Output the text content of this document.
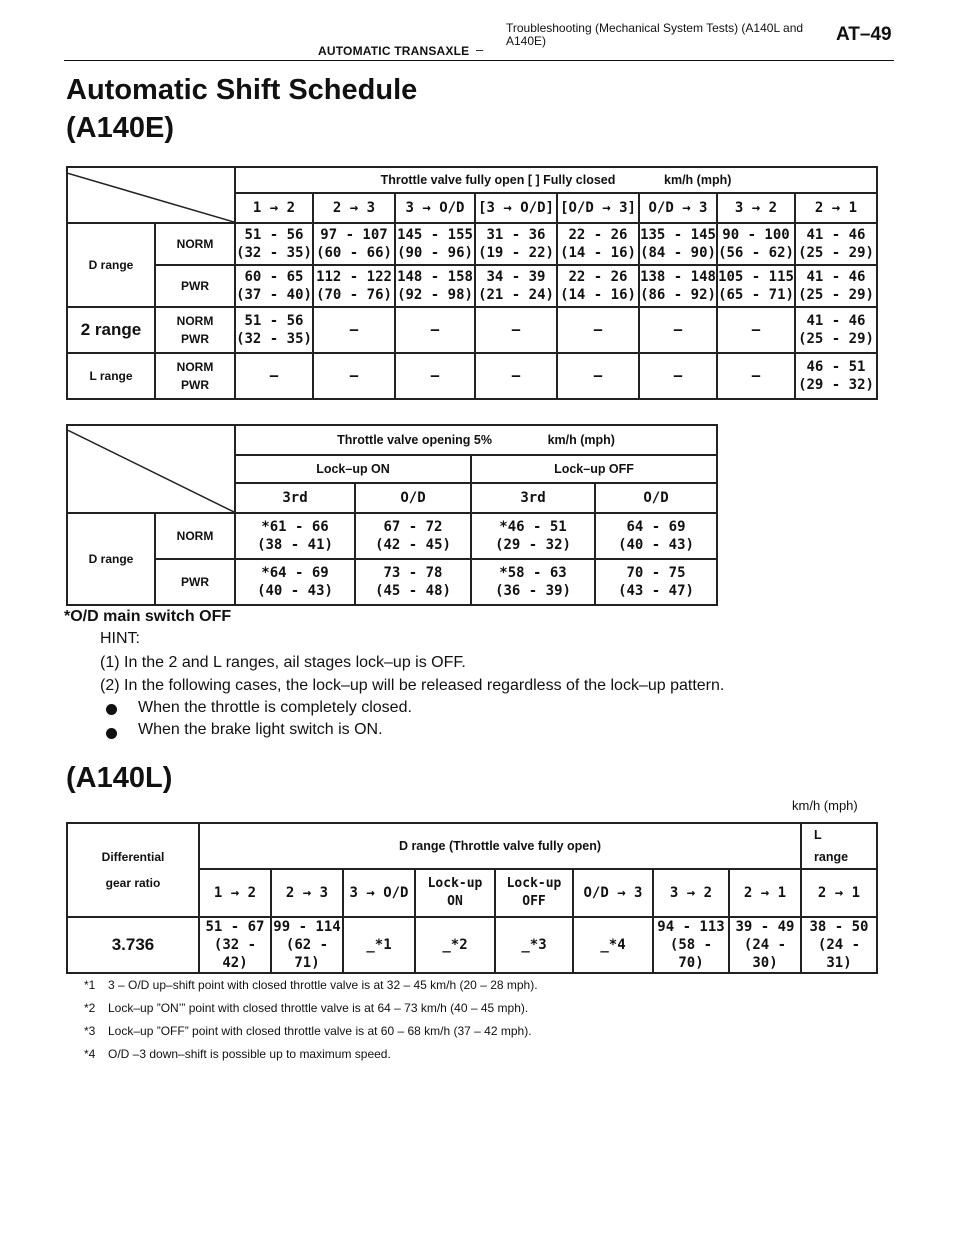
AUTOMATIC TRANSAXLE –
Troubleshooting (Mechanical System Tests) (A140L and A140E)	AT–49
Automatic Shift Schedule
(A140E)
	Throttle valve fully open [ ] Fully closed km/h (mph)							
		1 → 2	2 → 3	3 → O/D	[3 → O/D]	[O/D → 3]	O/D → 3	3 → 2	2 → 1
D range	NORM	51 - 56
(32 - 35)	97 - 107
(60 - 66)	145 - 155
(90 - 96)	31 - 36
(19 - 22)	22 - 26
(14 - 16)	135 - 145
(84 - 90)	90 - 100
(56 - 62)	41 - 46
(25 - 29)

	PWR	60 - 65
(37 - 40)	112 - 122
(70 - 76)	148 - 158
(92 - 98)	34 - 39
(21 - 24)	22 - 26
(14 - 16)	138 - 148
(86 - 92)	105 - 115
(65 - 71)	41 - 46
(25 - 29)

2 range	NORM
PWR	51 - 56
(32 - 35)	–	–	–	–	–	–	41 - 46
(25 - 29)

L range	NORM
PWR	–	–	–	–	–	–	–	46 - 51
(29 - 32)
	Throttle valve opening 5% km/h (mph)			
		Lock–up ON		Lock–up OFF	
		3rd	O/D	3rd	O/D
D range	NORM	*61 - 66
(38 - 41)	67 - 72
(42 - 45)	*46 - 51
(29 - 32)	64 - 69
(40 - 43)

	PWR	*64 - 69
(40 - 43)	73 - 78
(45 - 48)	*58 - 63
(36 - 39)	70 - 75
(43 - 47)
*O/D main switch OFF
HINT:
(1) In the 2 and L ranges, ail stages lock–up is OFF.
(2) In the following cases, the lock–up will be released regardless of the lock–up pattern.
When the throttle is completely closed.
When the brake light switch is ON.
(A140L)
km/h (mph)
Differential
gear ratio	D range (Throttle valve fully open)								L
range

	1 → 2	2 → 3	3 → O/D	Lock-up
ON	Lock-up
OFF	O/D → 3	3 → 2	2 → 1	2 → 1

3.736	51 - 67
(32 - 42)	99 - 114
(62 - 71)	_*1	_*2	_*3	_*4	94 - 113
(58 - 70)	39 - 49
(24 - 30)	38 - 50
(24 - 31)
*1 3 – O/D up–shift point with closed throttle valve is at 32 – 45 km/h (20 – 28 mph).
*2 Lock–up ”ON’” point with closed throttle valve is at 64 – 73 km/h (40 – 45 mph).
*3 Lock–up ”OFF” point with closed throttle valve is at 60 – 68 km/h (37 – 42 mph).
*4 O/D –3 down–shift is possible up to maximum speed.
